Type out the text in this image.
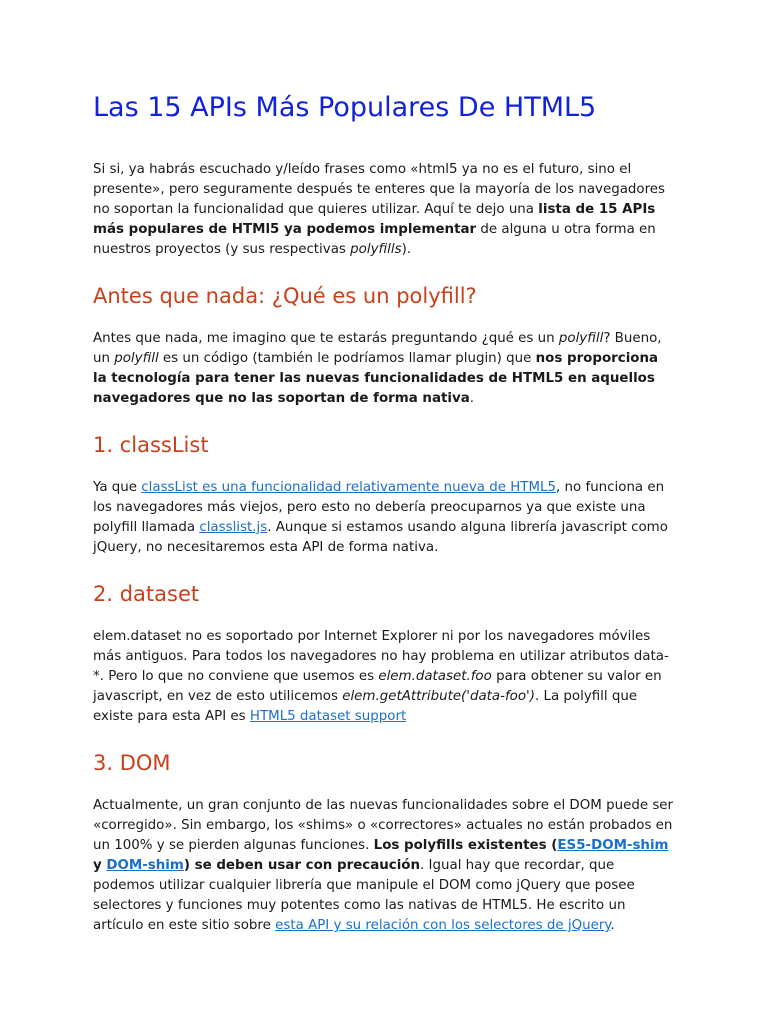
Las 15 APIs Más Populares De HTML5

Si si, ya habrás escuchado y/leído frases como «html5 ya no es el futuro, sino el presente», pero seguramente después te enteres que la mayoría de los navegadores no soportan la funcionalidad que quieres utilizar. Aquí te dejo una lista de 15 APIs más populares de HTMl5 ya podemos implementar de alguna u otra forma en nuestros proyectos (y sus respectivas polyfills).

Antes que nada: ¿Qué es un polyfill?

Antes que nada, me imagino que te estarás preguntando ¿qué es un polyfill? Bueno, un polyfill es un código (también le podríamos llamar plugin) que nos proporciona la tecnología para tener las nuevas funcionalidades de HTML5 en aquellos navegadores que no las soportan de forma nativa.

1. classList

Ya que classList es una funcionalidad relativamente nueva de HTML5, no funciona en los navegadores más viejos, pero esto no debería preocuparnos ya que existe una polyfill llamada classlist.js. Aunque si estamos usando alguna librería javascript como jQuery, no necesitaremos esta API de forma nativa.

2. dataset

elem.dataset no es soportado por Internet Explorer ni por los navegadores móviles más antiguos. Para todos los navegadores no hay problema en utilizar atributos data-*. Pero lo que no conviene que usemos es elem.dataset.foo para obtener su valor en javascript, en vez de esto utilicemos elem.getAttribute('data-foo'). La polyfill que existe para esta API es HTML5 dataset support

3. DOM

Actualmente, un gran conjunto de las nuevas funcionalidades sobre el DOM puede ser «corregido». Sin embargo, los «shims» o «correctores» actuales no están probados en un 100% y se pierden algunas funciones. Los polyfills existentes (ES5-DOM-shim y DOM-shim) se deben usar con precaución. Igual hay que recordar, que podemos utilizar cualquier librería que manipule el DOM como jQuery que posee selectores y funciones muy potentes como las nativas de HTML5. He escrito un artículo en este sitio sobre esta API y su relación con los selectores de jQuery.
